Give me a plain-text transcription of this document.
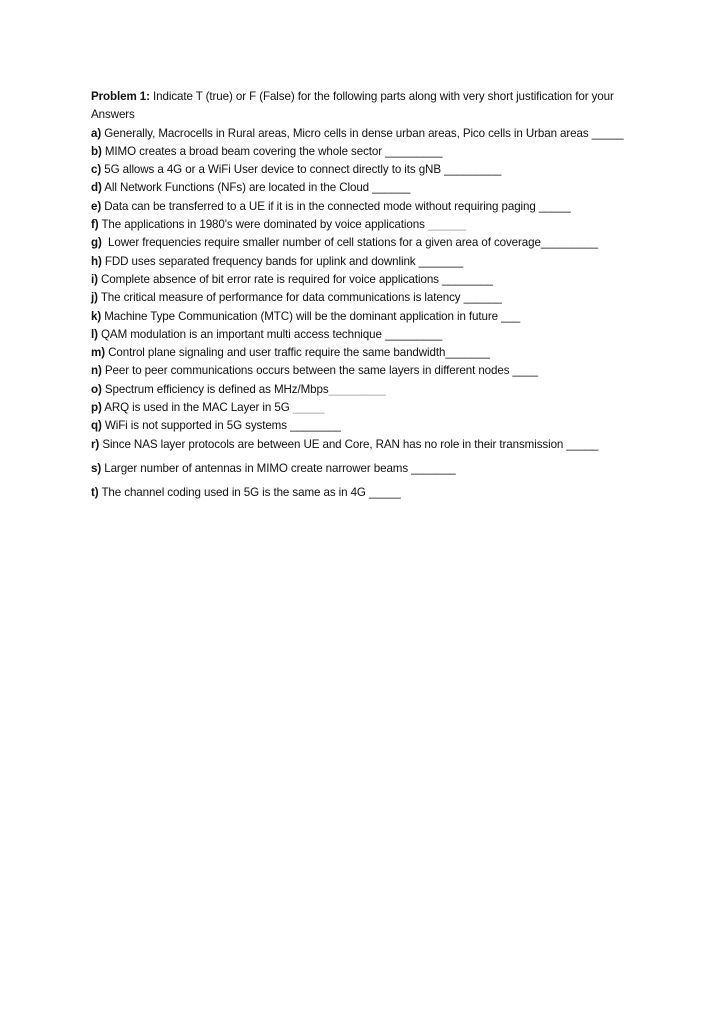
Problem 1: Indicate T (true) or F (False) for the following parts along with very short justification for your Answers

a) Generally, Macrocells in Rural areas, Micro cells in dense urban areas, Pico cells in Urban areas _____

b) MIMO creates a broad beam covering the whole sector _________

c) 5G allows a 4G or a WiFi User device to connect directly to its gNB _________

d) All Network Functions (NFs) are located in the Cloud ______

e) Data can be transferred to a UE if it is in the connected mode without requiring paging _____

f) The applications in 1980's were dominated by voice applications ______

g) Lower frequencies require smaller number of cell stations for a given area of coverage_________

h) FDD uses separated frequency bands for uplink and downlink _______

i) Complete absence of bit error rate is required for voice applications ________

j) The critical measure of performance for data communications is latency ______

k) Machine Type Communication (MTC) will be the dominant application in future ___

l) QAM modulation is an important multi access technique _________

m) Control plane signaling and user traffic require the same bandwidth_______

n) Peer to peer communications occurs between the same layers in different nodes ____

o) Spectrum efficiency is defined as MHz/Mbps_________

p) ARQ is used in the MAC Layer in 5G _____

q) WiFi is not supported in 5G systems ________

r) Since NAS layer protocols are between UE and Core, RAN has no role in their transmission _____

s) Larger number of antennas in MIMO create narrower beams _______

t) The channel coding used in 5G is the same as in 4G _____
